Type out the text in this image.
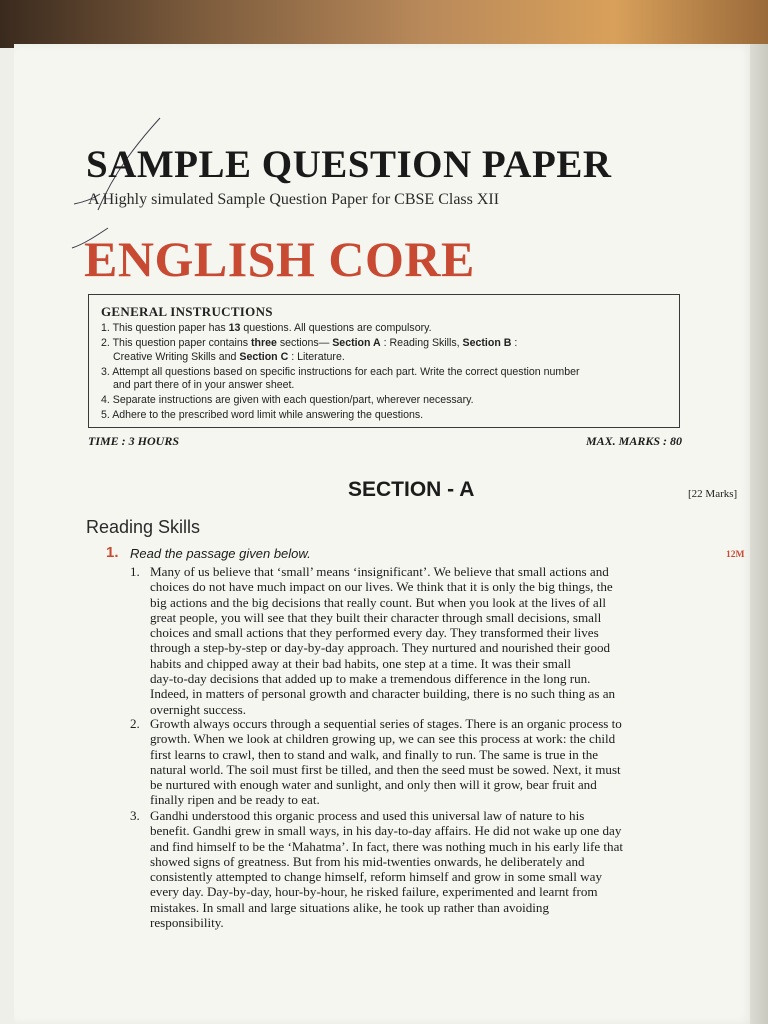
SAMPLE QUESTION PAPER
A Highly simulated Sample Question Paper for CBSE Class XII
ENGLISH CORE
GENERAL INSTRUCTIONS
1. This question paper has 13 questions. All questions are compulsory.
2. This question paper contains three sections— Section A : Reading Skills, Section B :
Creative Writing Skills and Section C : Literature.
3. Attempt all questions based on specific instructions for each part. Write the correct question number
and part there of in your answer sheet.
4. Separate instructions are given with each question/part, wherever necessary.
5. Adhere to the prescribed word limit while answering the questions.
TIME : 3 HOURS	MAX. MARKS : 80
SECTION - A	[22 Marks]
Reading Skills
1. Read the passage given below.	12M
1. Many of us believe that ‘small’ means ‘insignificant’. We believe that small actions and
choices do not have much impact on our lives. We think that it is only the big things, the
big actions and the big decisions that really count. But when you look at the lives of all
great people, you will see that they built their character through small decisions, small
choices and small actions that they performed every day. They transformed their lives
through a step-by-step or day-by-day approach. They nurtured and nourished their good
habits and chipped away at their bad habits, one step at a time. It was their small
day-to-day decisions that added up to make a tremendous difference in the long run.
Indeed, in matters of personal growth and character building, there is no such thing as an
overnight success.
2. Growth always occurs through a sequential series of stages. There is an organic process to
growth. When we look at children growing up, we can see this process at work: the child
first learns to crawl, then to stand and walk, and finally to run. The same is true in the
natural world. The soil must first be tilled, and then the seed must be sowed. Next, it must
be nurtured with enough water and sunlight, and only then will it grow, bear fruit and
finally ripen and be ready to eat.
3. Gandhi understood this organic process and used this universal law of nature to his
benefit. Gandhi grew in small ways, in his day-to-day affairs. He did not wake up one day
and find himself to be the ‘Mahatma’. In fact, there was nothing much in his early life that
showed signs of greatness. But from his mid-twenties onwards, he deliberately and
consistently attempted to change himself, reform himself and grow in some small way
every day. Day-by-day, hour-by-hour, he risked failure, experimented and learnt from
mistakes. In small and large situations alike, he took up rather than avoiding
responsibility.
